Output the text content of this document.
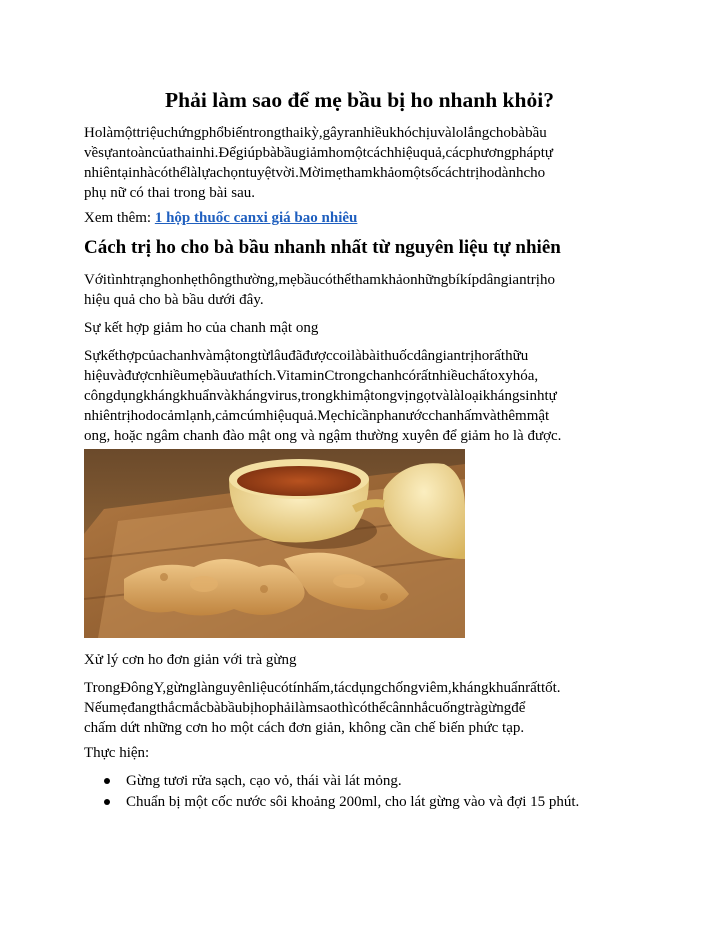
Phải làm sao để mẹ bầu bị ho nhanh khỏi?
Holàmộttriệuchứngphổbiếntrongthaikỳ,gâyranhiềukhóchịuvàlolắngchobàbầu
vềsựantoàncủathainhi.Đểgiúpbàbầugiảmhomộtcáchhiệuquả,cácphươngpháptự
nhiêntạinhàcóthểlàlựachọntuyệtvời.Mờimẹthamkhảomộtsốcáchtrịhodànhcho
phụ nữ có thai trong bài sau.
Xem thêm: 1 hộp thuốc canxi giá bao nhiêu
Cách trị ho cho bà bầu nhanh nhất từ nguyên liệu tự nhiên
Vớitìnhtrạnghonhẹthôngthường,mẹbầucóthểthamkhảonhữngbíkípdângiantrịho
hiệu quả cho bà bầu dưới đây.
Sự kết hợp giảm ho của chanh mật ong
Sựkếthợpcủachanhvàmậtongtừlâuđãđượccoilàbàithuốcdângiantrịhorấthữu
hiệuvàđượcnhiềumẹbầuưathích.VitaminCtrongchanhcórấtnhiềuchấtoxyhóa,
côngdụngkhángkhuẩnvàkhángvirus,trongkhimậtongvịngọtvàlàloạikhángsinhtự
nhiêntrịhodocảmlạnh,cảmcúmhiệuquả.Mẹchỉcầnphanướcchanhấmvàthêmmật
ong, hoặc ngâm chanh đào mật ong và ngậm thường xuyên để giảm ho là được.
Xử lý cơn ho đơn giản với trà gừng
TrongĐôngY,gừnglànguyênliệucótínhấm,tácdụngchốngviêm,khángkhuẩnrấttốt.
Nếumẹđangthắcmắcbàbầubịhophảilàmsaothìcóthểcânnhắcuốngtràgừngđể
chấm dứt những cơn ho một cách đơn giản, không cần chế biến phức tạp.
Thực hiện:
Gừng tươi rửa sạch, cạo vỏ, thái vài lát mỏng.
Chuẩn bị một cốc nước sôi khoảng 200ml, cho lát gừng vào và đợi 15 phút.
